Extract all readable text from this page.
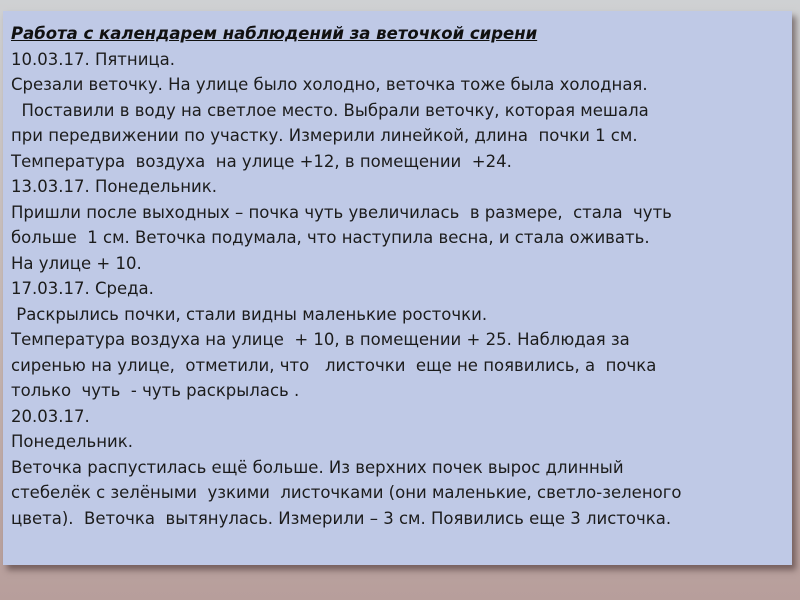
Работа с календарем наблюдений за веточкой сирени

10.03.17. Пятница.

Срезали веточку. На улице было холодно, веточка тоже была холодная.

Поставили в воду на светлое место. Выбрали веточку, которая мешала

при передвижении по участку. Измерили линейкой, длина  почки 1 см.

Температура  воздуха  на улице +12, в помещении  +24.

13.03.17. Понедельник.

Пришли после выходных – почка чуть увеличилась  в размере,  стала  чуть

больше  1 см. Веточка подумала, что наступила весна, и стала оживать.

На улице + 10.

17.03.17. Среда.

Раскрылись почки, стали видны маленькие росточки.

Температура воздуха на улице  + 10, в помещении + 25. Наблюдая за

сиренью на улице,  отметили, что   листочки  еще не появились, а  почка

только  чуть  - чуть раскрылась .

20.03.17.

Понедельник.

Веточка распустилась ещё больше. Из верхних почек вырос длинный

стебелёк с зелёными  узкими  листочками (они маленькие, светло-зеленого

цвета).  Веточка  вытянулась. Измерили – 3 см. Появились еще 3 листочка.
